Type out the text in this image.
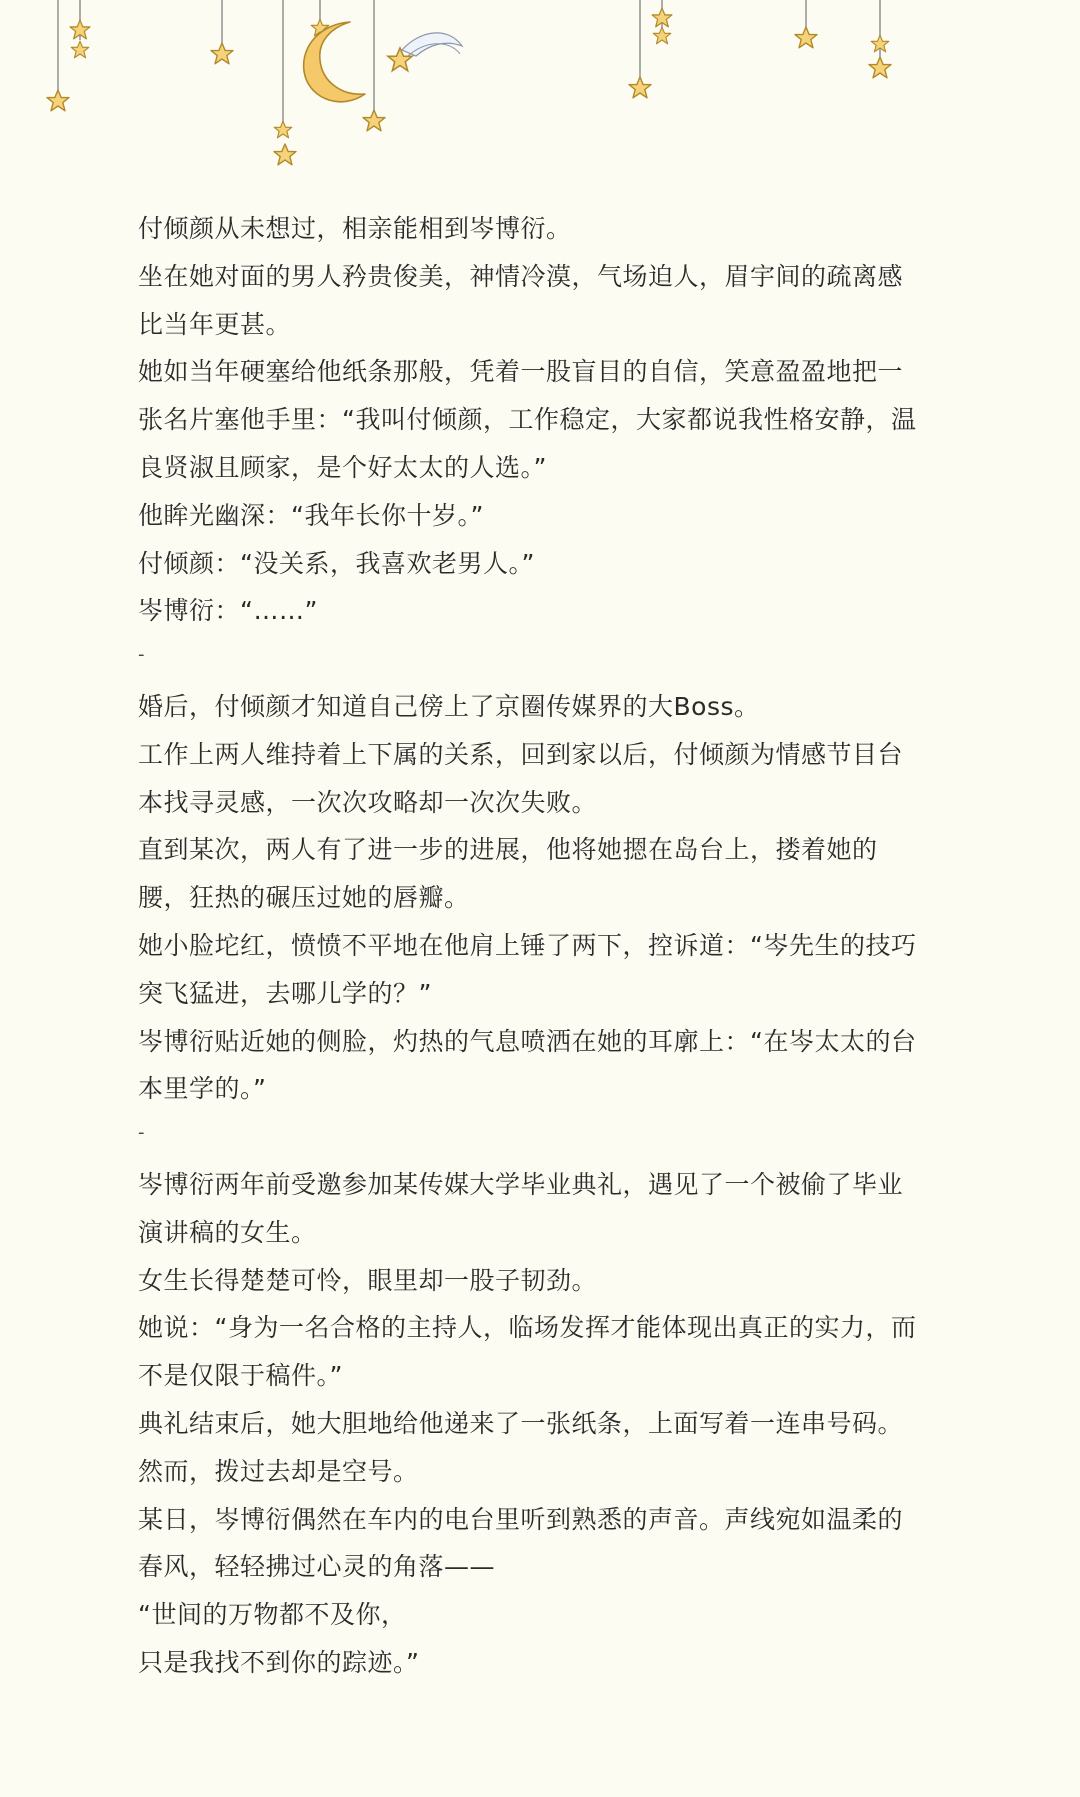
付倾颜从未想过，相亲能相到岑博衍。
坐在她对面的男人矜贵俊美，神情冷漠，气场迫人，眉宇间的疏离感
比当年更甚。
她如当年硬塞给他纸条那般，凭着一股盲目的自信，笑意盈盈地把一
张名片塞他手里：“我叫付倾颜，工作稳定，大家都说我性格安静，温
良贤淑且顾家，是个好太太的人选。”
他眸光幽深：“我年长你十岁。”
付倾颜：“没关系，我喜欢老男人。”
岑博衍：“……”
-
婚后，付倾颜才知道自己傍上了京圈传媒界的大Boss。
工作上两人维持着上下属的关系，回到家以后，付倾颜为情感节目台
本找寻灵感，一次次攻略却一次次失败。
直到某次，两人有了进一步的进展，他将她摁在岛台上，搂着她的
腰，狂热的碾压过她的唇瓣。
她小脸坨红，愤愤不平地在他肩上锤了两下，控诉道：“岑先生的技巧
突飞猛进，去哪儿学的？”
岑博衍贴近她的侧脸，灼热的气息喷洒在她的耳廓上：“在岑太太的台
本里学的。”
-
岑博衍两年前受邀参加某传媒大学毕业典礼，遇见了一个被偷了毕业
演讲稿的女生。
女生长得楚楚可怜，眼里却一股子韧劲。
她说：“身为一名合格的主持人，临场发挥才能体现出真正的实力，而
不是仅限于稿件。”
典礼结束后，她大胆地给他递来了一张纸条，上面写着一连串号码。
然而，拨过去却是空号。
某日，岑博衍偶然在车内的电台里听到熟悉的声音。声线宛如温柔的
春风，轻轻拂过心灵的角落——
“世间的万物都不及你，
只是我找不到你的踪迹。”
